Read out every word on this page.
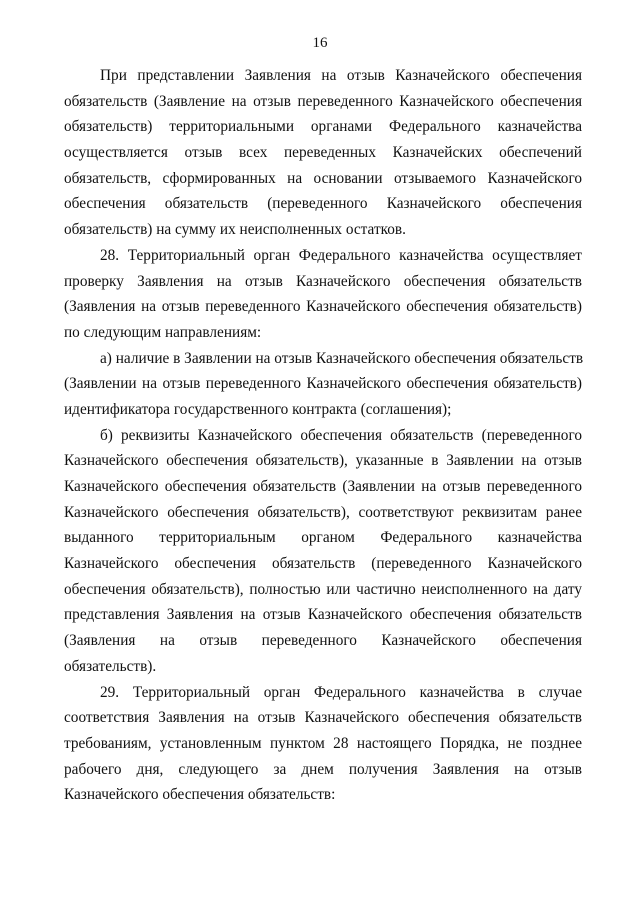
16
При представлении Заявления на отзыв Казначейского обеспечения
обязательств (Заявление на отзыв переведенного Казначейского обеспечения
обязательств) территориальными органами Федерального казначейства
осуществляется отзыв всех переведенных Казначейских обеспечений
обязательств, сформированных на основании отзываемого Казначейского
обеспечения обязательств (переведенного Казначейского обеспечения
обязательств) на сумму их неисполненных остатков.
28. Территориальный орган Федерального казначейства осуществляет
проверку Заявления на отзыв Казначейского обеспечения обязательств
(Заявления на отзыв переведенного Казначейского обеспечения обязательств)
по следующим направлениям:
а) наличие в Заявлении на отзыв Казначейского обеспечения обязательств
(Заявлении на отзыв переведенного Казначейского обеспечения обязательств)
идентификатора государственного контракта (соглашения);
б) реквизиты Казначейского обеспечения обязательств (переведенного
Казначейского обеспечения обязательств), указанные в Заявлении на отзыв
Казначейского обеспечения обязательств (Заявлении на отзыв переведенного
Казначейского обеспечения обязательств), соответствуют реквизитам ранее
выданного территориальным органом Федерального казначейства
Казначейского обеспечения обязательств (переведенного Казначейского
обеспечения обязательств), полностью или частично неисполненного на дату
представления Заявления на отзыв Казначейского обеспечения обязательств
(Заявления на отзыв переведенного Казначейского обеспечения
обязательств).
29. Территориальный орган Федерального казначейства в случае
соответствия Заявления на отзыв Казначейского обеспечения обязательств
требованиям, установленным пунктом 28 настоящего Порядка, не позднее
рабочего дня, следующего за днем получения Заявления на отзыв
Казначейского обеспечения обязательств:
